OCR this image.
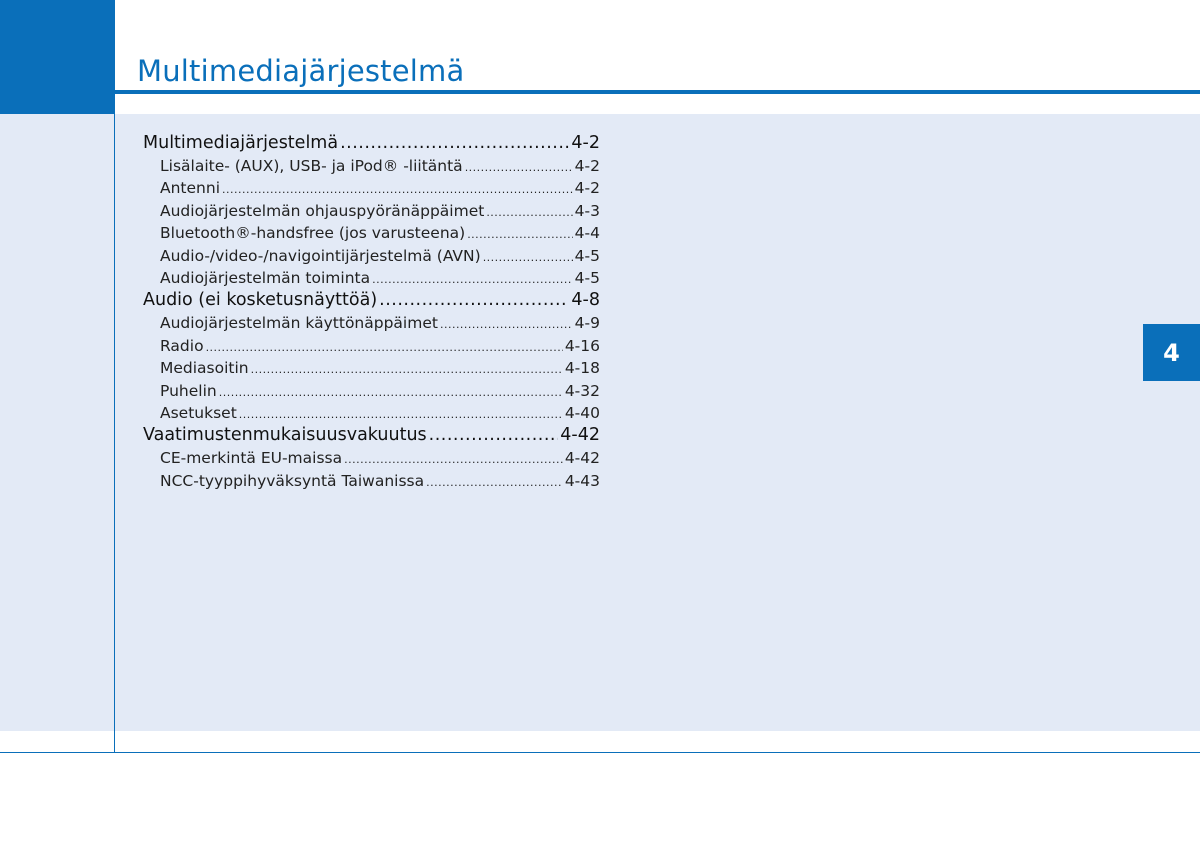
Multimediajärjestelmä
4
Multimediajärjestelmä .....	4-2
Lisälaite- (AUX), USB- ja iPod® -liitäntä .....	4-2
Antenni .....	4-2
Audiojärjestelmän ohjauspyöränäppäimet .....	4-3
Bluetooth®-handsfree (jos varusteena) .....	4-4
Audio-/video-/navigointijärjestelmä (AVN) .....	4-5
Audiojärjestelmän toiminta .....	4-5
Audio (ei kosketusnäyttöä) .....	4-8
Audiojärjestelmän käyttönäppäimet .....	4-9
Radio .....	4-16
Mediasoitin .....	4-18
Puhelin .....	4-32
Asetukset .....	4-40
Vaatimustenmukaisuusvakuutus .....	4-42
CE-merkintä EU-maissa .....	4-42
NCC-tyyppihyväksyntä Taiwanissa .....	4-43
